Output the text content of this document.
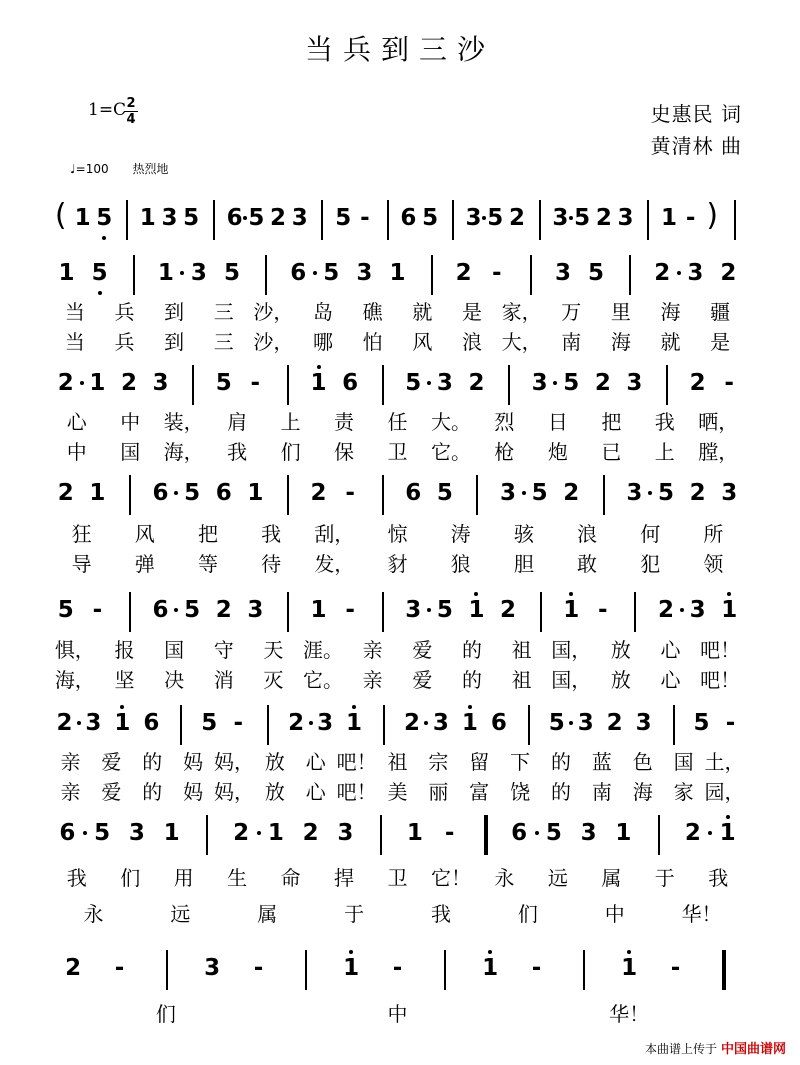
当兵到三沙
1=C 2
4	史惠民 词
黄清林 曲
♩=100 热烈地
( 1 5 1 3 5 6 5 2 3 5 - 6 5 3 5 2 3 5 2 3 1 - )
1 5 1 3 5 6 5 3 1 2 - 3 5 2 3 2
2 1 2 3 5 - 1 6 5 3 2 3 5 2 3 2 -
2 1 6 5 6 1 2 - 6 5 3 5 2 3 5 2 3
5 - 6 5 2 3 1 - 3 5 1 2 1 - 2 3 1
2 3 1 6 5 - 2 3 1 2 3 1 6 5 3 2 3 5 -
6 5 3 1 2 1 2 3 1 - 6 5 3 1 2 1
2 -	3 -	1 -	1 -	1 -
当 兵 到 三 沙， 岛 礁 就 是 家， 万 里 海 疆
当 兵 到 三 沙， 哪 怕 风 浪 大， 南 海 就 是
心 中 装， 肩 上 责 任 大。 烈 日 把 我 晒，
中 国 海， 我 们 保 卫 它。 枪 炮 已 上 膛，
狂 风 把 我 刮， 惊 涛 骇 浪 何 所
导 弹 等 待 发， 豺 狼 胆 敢 犯 领
惧， 报 国 守 天 涯。 亲 爱 的 祖 国， 放 心 吧！
海， 坚 决 消 灭 它。 亲 爱 的 祖 国， 放 心 吧！
亲 爱 的 妈 妈， 放 心 吧！ 祖 宗 留 下 的 蓝 色 国 土，
亲 爱 的 妈 妈， 放 心 吧！ 美 丽 富 饶 的 南 海 家 园，
我 们 用 生 命 捍 卫 它！ 永 远 属 于 我
永	远	属	于	我	们	中	华！
们	中	华！
本曲谱上传于 中国曲谱网
